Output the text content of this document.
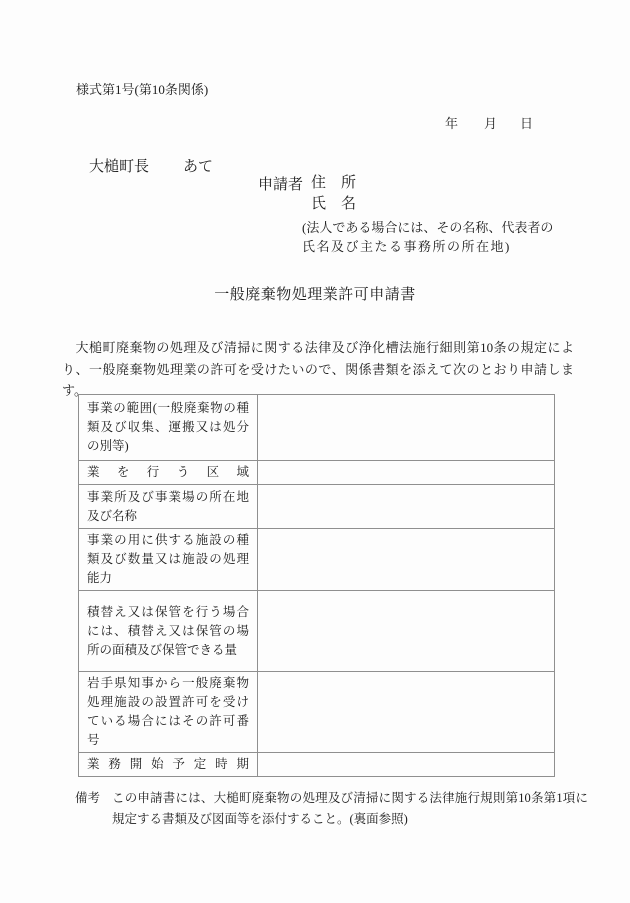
様式第1号(第10条関係)
年 月 日
大槌町長 あて
申請者 住　所
氏　名
(法人である場合には、その名称、代表者の
氏名及び主たる事務所の所在地)
一般廃棄物処理業許可申請書
　大槌町廃棄物の処理及び清掃に関する法律及び浄化槽法施行細則第10条の規定により、一般廃棄物処理業の許可を受けたいので、関係書類を添えて次のとおり申請します。
事業の範囲(一般廃棄物の種類及び収集、運搬又は処分の別等)	
業を行う区域	
事業所及び事業場の所在地及び名称	
事業の用に供する施設の種類及び数量又は施設の処理能力	
積替え又は保管を行う場合には、積替え又は保管の場所の面積及び保管できる量	
岩手県知事から一般廃棄物処理施設の設置許可を受けている場合にはその許可番号	
業務開始予定時期	
備考 この申請書には、大槌町廃棄物の処理及び清掃に関する法律施行規則第10条第1項に規定する書類及び図面等を添付すること。(裏面参照)
